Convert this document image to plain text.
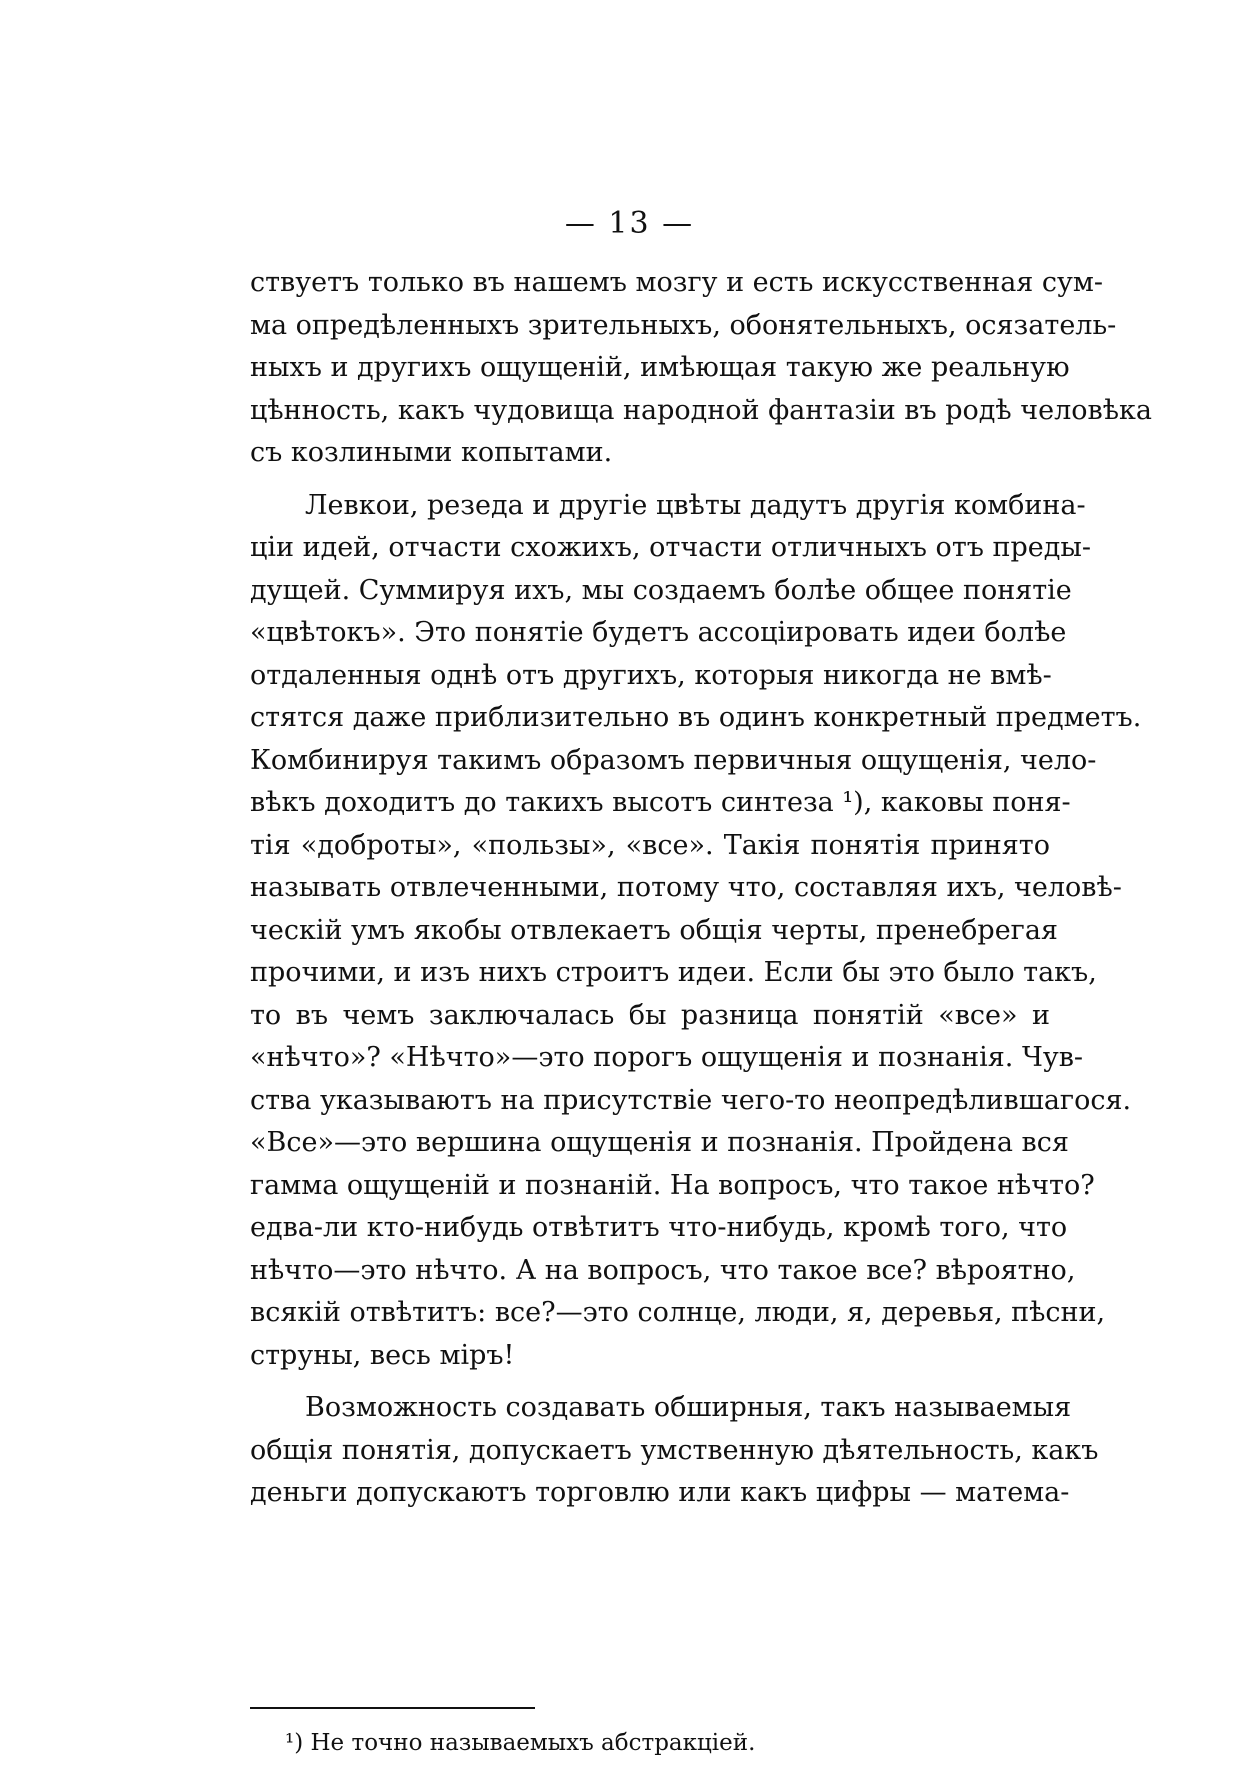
— 13 —

ствуетъ только въ нашемъ мозгу и есть искусственная сум-
ма опредѣленныхъ зрительныхъ, обонятельныхъ, осязатель-
ныхъ и другихъ ощущеній, имѣющая такую же реальную
цѣнность, какъ чудовища народной фантазіи въ родѣ человѣка
съ козлиными копытами.

Левкои, резеда и другіе цвѣты дадутъ другія комбина-
ціи идей, отчасти схожихъ, отчасти отличныхъ отъ преды-
дущей. Суммируя ихъ, мы создаемъ болѣе общее понятіе
«цвѣтокъ». Это понятіе будетъ ассоціировать идеи болѣе
отдаленныя однѣ отъ другихъ, которыя никогда не вмѣ-
стятся даже приблизительно въ одинъ конкретный предметъ.
Комбинируя такимъ образомъ первичныя ощущенія, чело-
вѣкъ доходитъ до такихъ высотъ синтеза ¹), каковы поня-
тія «доброты», «пользы», «все». Такія понятія принято
называть отвлеченными, потому что, составляя ихъ, человѣ-
ческій умъ якобы отвлекаетъ общія черты, пренебрегая
прочими, и изъ нихъ строитъ идеи. Если бы это было такъ,
то въ чемъ заключалась бы разница понятій «все» и
«нѣчто»? «Нѣчто»—это порогъ ощущенія и познанія. Чув-
ства указываютъ на присутствіе чего-то неопредѣлившагося.
«Все»—это вершина ощущенія и познанія. Пройдена вся
гамма ощущеній и познаній. На вопросъ, что такое нѣчто?
едва-ли кто-нибудь отвѣтитъ что-нибудь, кромѣ того, что
нѣчто—это нѣчто. А на вопросъ, что такое все? вѣроятно,
всякій отвѣтитъ: все?—это солнце, люди, я, деревья, пѣсни,
струны, весь міръ!

Возможность создавать обширныя, такъ называемыя
общія понятія, допускаетъ умственную дѣятельность, какъ
деньги допускаютъ торговлю или какъ цифры — матема-

¹) Не точно называемыхъ абстракціей.
